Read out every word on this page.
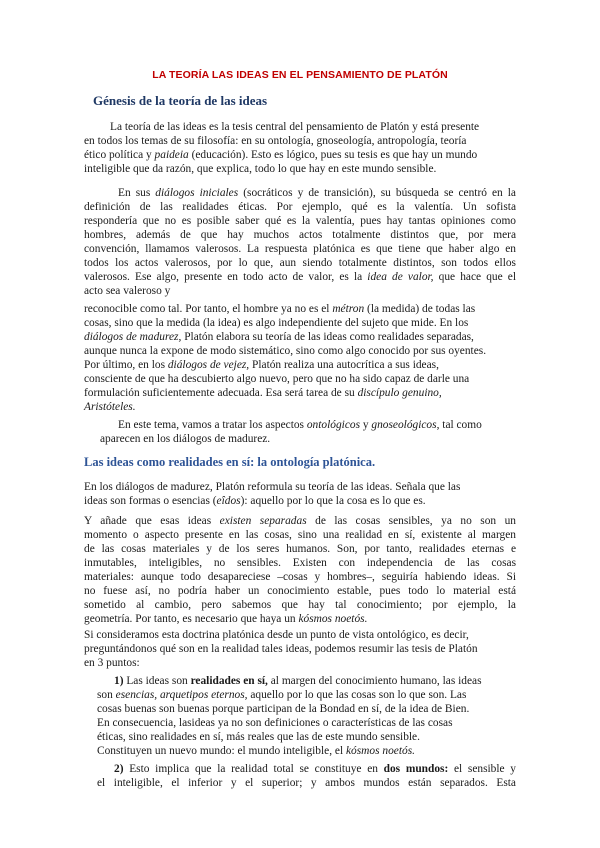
LA TEORÍA LAS IDEAS EN EL PENSAMIENTO DE PLATÓN
Génesis de la teoría de las ideas
La teoría de las ideas es la tesis central del pensamiento de Platón y está presente
en todos los temas de su filosofía: en su ontología, gnoseología, antropología, teoría
ético política y paideia (educación). Esto es lógico, pues su tesis es que hay un mundo
inteligible que da razón, que explica, todo lo que hay en este mundo sensible.
En sus diálogos iniciales (socráticos y de transición), su búsqueda se centró en la
definición de las realidades éticas. Por ejemplo, qué es la valentía. Un sofista
respondería que no es posible saber qué es la valentía, pues hay tantas opiniones como
hombres, además de que hay muchos actos totalmente distintos que, por mera
convención, llamamos valerosos. La respuesta platónica es que tiene que haber algo en
todos los actos valerosos, por lo que, aun siendo totalmente distintos, son todos ellos
valerosos. Ese algo, presente en todo acto de valor, es la idea de valor, que hace que el
acto sea valeroso y
reconocible como tal. Por tanto, el hombre ya no es el métron (la medida) de todas las
cosas, sino que la medida (la idea) es algo independiente del sujeto que mide. En los
diálogos de madurez, Platón elabora su teoría de las ideas como realidades separadas,
aunque nunca la expone de modo sistemático, sino como algo conocido por sus oyentes.
Por último, en los diálogos de vejez, Platón realiza una autocrítica a sus ideas,
consciente de que ha descubierto algo nuevo, pero que no ha sido capaz de darle una
formulación suficientemente adecuada. Esa será tarea de su discípulo genuino,
Aristóteles.
En este tema, vamos a tratar los aspectos ontológicos y gnoseológicos, tal como
aparecen en los diálogos de madurez.
Las ideas como realidades en sí: la ontología platónica.
En los diálogos de madurez, Platón reformula su teoría de las ideas. Señala que las
ideas son formas o esencias (eîdos): aquello por lo que la cosa es lo que es.
Y añade que esas ideas existen separadas de las cosas sensibles, ya no son un
momento o aspecto presente en las cosas, sino una realidad en sí, existente al margen
de las cosas materiales y de los seres humanos. Son, por tanto, realidades eternas e
inmutables, inteligibles, no sensibles. Existen con independencia de las cosas
materiales: aunque todo desapareciese –cosas y hombres–, seguiría habiendo ideas. Si
no fuese así, no podría haber un conocimiento estable, pues todo lo material está
sometido al cambio, pero sabemos que hay tal conocimiento; por ejemplo, la
geometría. Por tanto, es necesario que haya un kósmos noetós.
Si consideramos esta doctrina platónica desde un punto de vista ontológico, es decir,
preguntándonos qué son en la realidad tales ideas, podemos resumir las tesis de Platón
en 3 puntos:
1) Las ideas son realidades en sí, al margen del conocimiento humano, las ideas
son esencias, arquetipos eternos, aquello por lo que las cosas son lo que son. Las
cosas buenas son buenas porque participan de la Bondad en sí, de la idea de Bien.
En consecuencia, lasideas ya no son definiciones o características de las cosas
éticas, sino realidades en sí, más reales que las de este mundo sensible.
Constituyen un nuevo mundo: el mundo inteligible, el kósmos noetós.
2) Esto implica que la realidad total se constituye en dos mundos: el sensible y
el inteligible, el inferior y el superior; y ambos mundos están separados. Esta
